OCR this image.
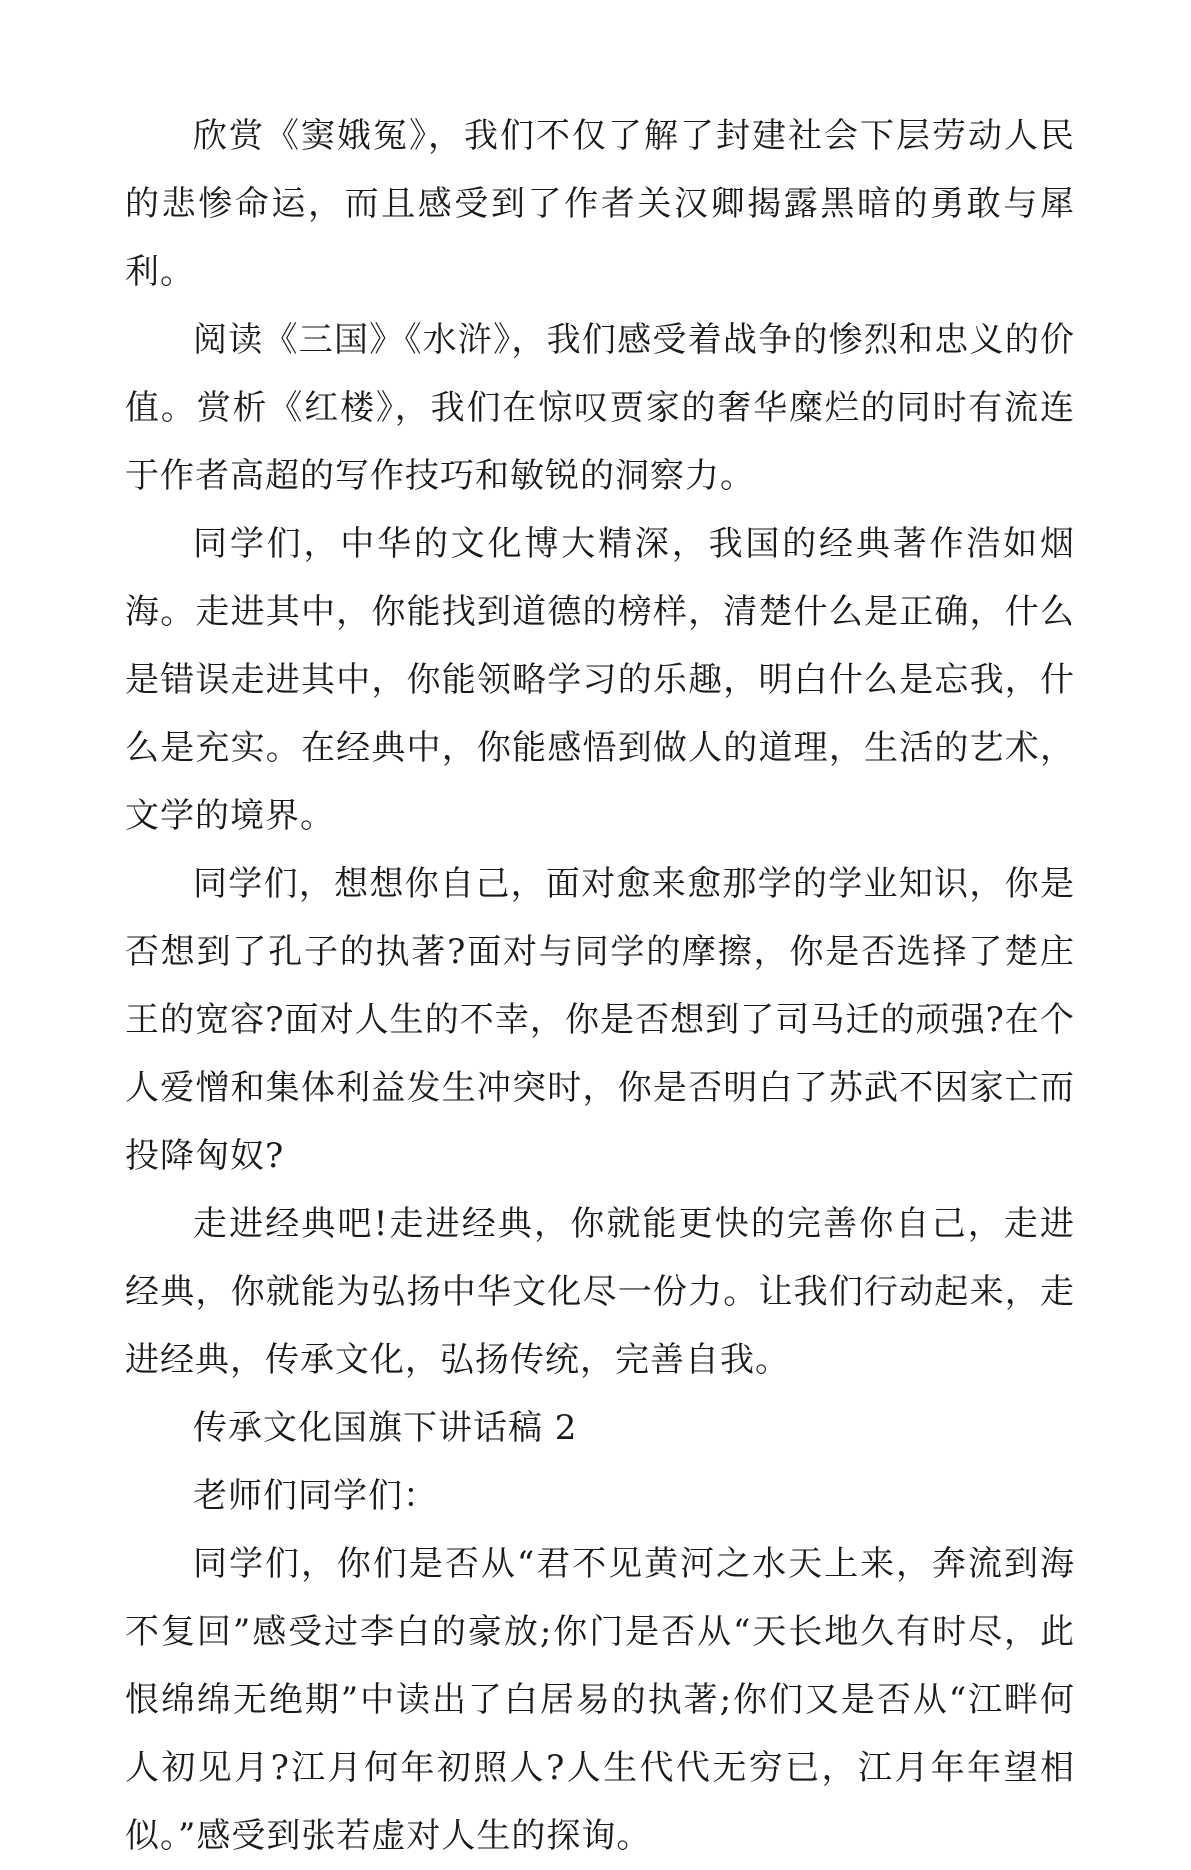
欣赏《窦娥冤》，我们不仅了解了封建社会下层劳动人民的悲惨命运，而且感受到了作者关汉卿揭露黑暗的勇敢与犀利。

阅读《三国》《水浒》，我们感受着战争的惨烈和忠义的价值。赏析《红楼》，我们在惊叹贾家的奢华糜烂的同时有流连于作者高超的写作技巧和敏锐的洞察力。

同学们，中华的文化博大精深，我国的经典著作浩如烟海。走进其中，你能找到道德的榜样，清楚什么是正确，什么是错误走进其中，你能领略学习的乐趣，明白什么是忘我，什么是充实。在经典中，你能感悟到做人的道理，生活的艺术，文学的境界。

同学们，想想你自己，面对愈来愈那学的学业知识，你是否想到了孔子的执著?面对与同学的摩擦，你是否选择了楚庄王的宽容?面对人生的不幸，你是否想到了司马迁的顽强?在个人爱憎和集体利益发生冲突时，你是否明白了苏武不因家亡而投降匈奴?

走进经典吧!走进经典，你就能更快的完善你自己，走进经典，你就能为弘扬中华文化尽一份力。让我们行动起来，走进经典，传承文化，弘扬传统，完善自我。

传承文化国旗下讲话稿 2

老师们同学们：

同学们，你们是否从“君不见黄河之水天上来，奔流到海不复回”感受过李白的豪放;你门是否从“天长地久有时尽，此恨绵绵无绝期”中读出了白居易的执著;你们又是否从“江畔何人初见月?江月何年初照人?人生代代无穷已，江月年年望相似。”感受到张若虚对人生的探询。
